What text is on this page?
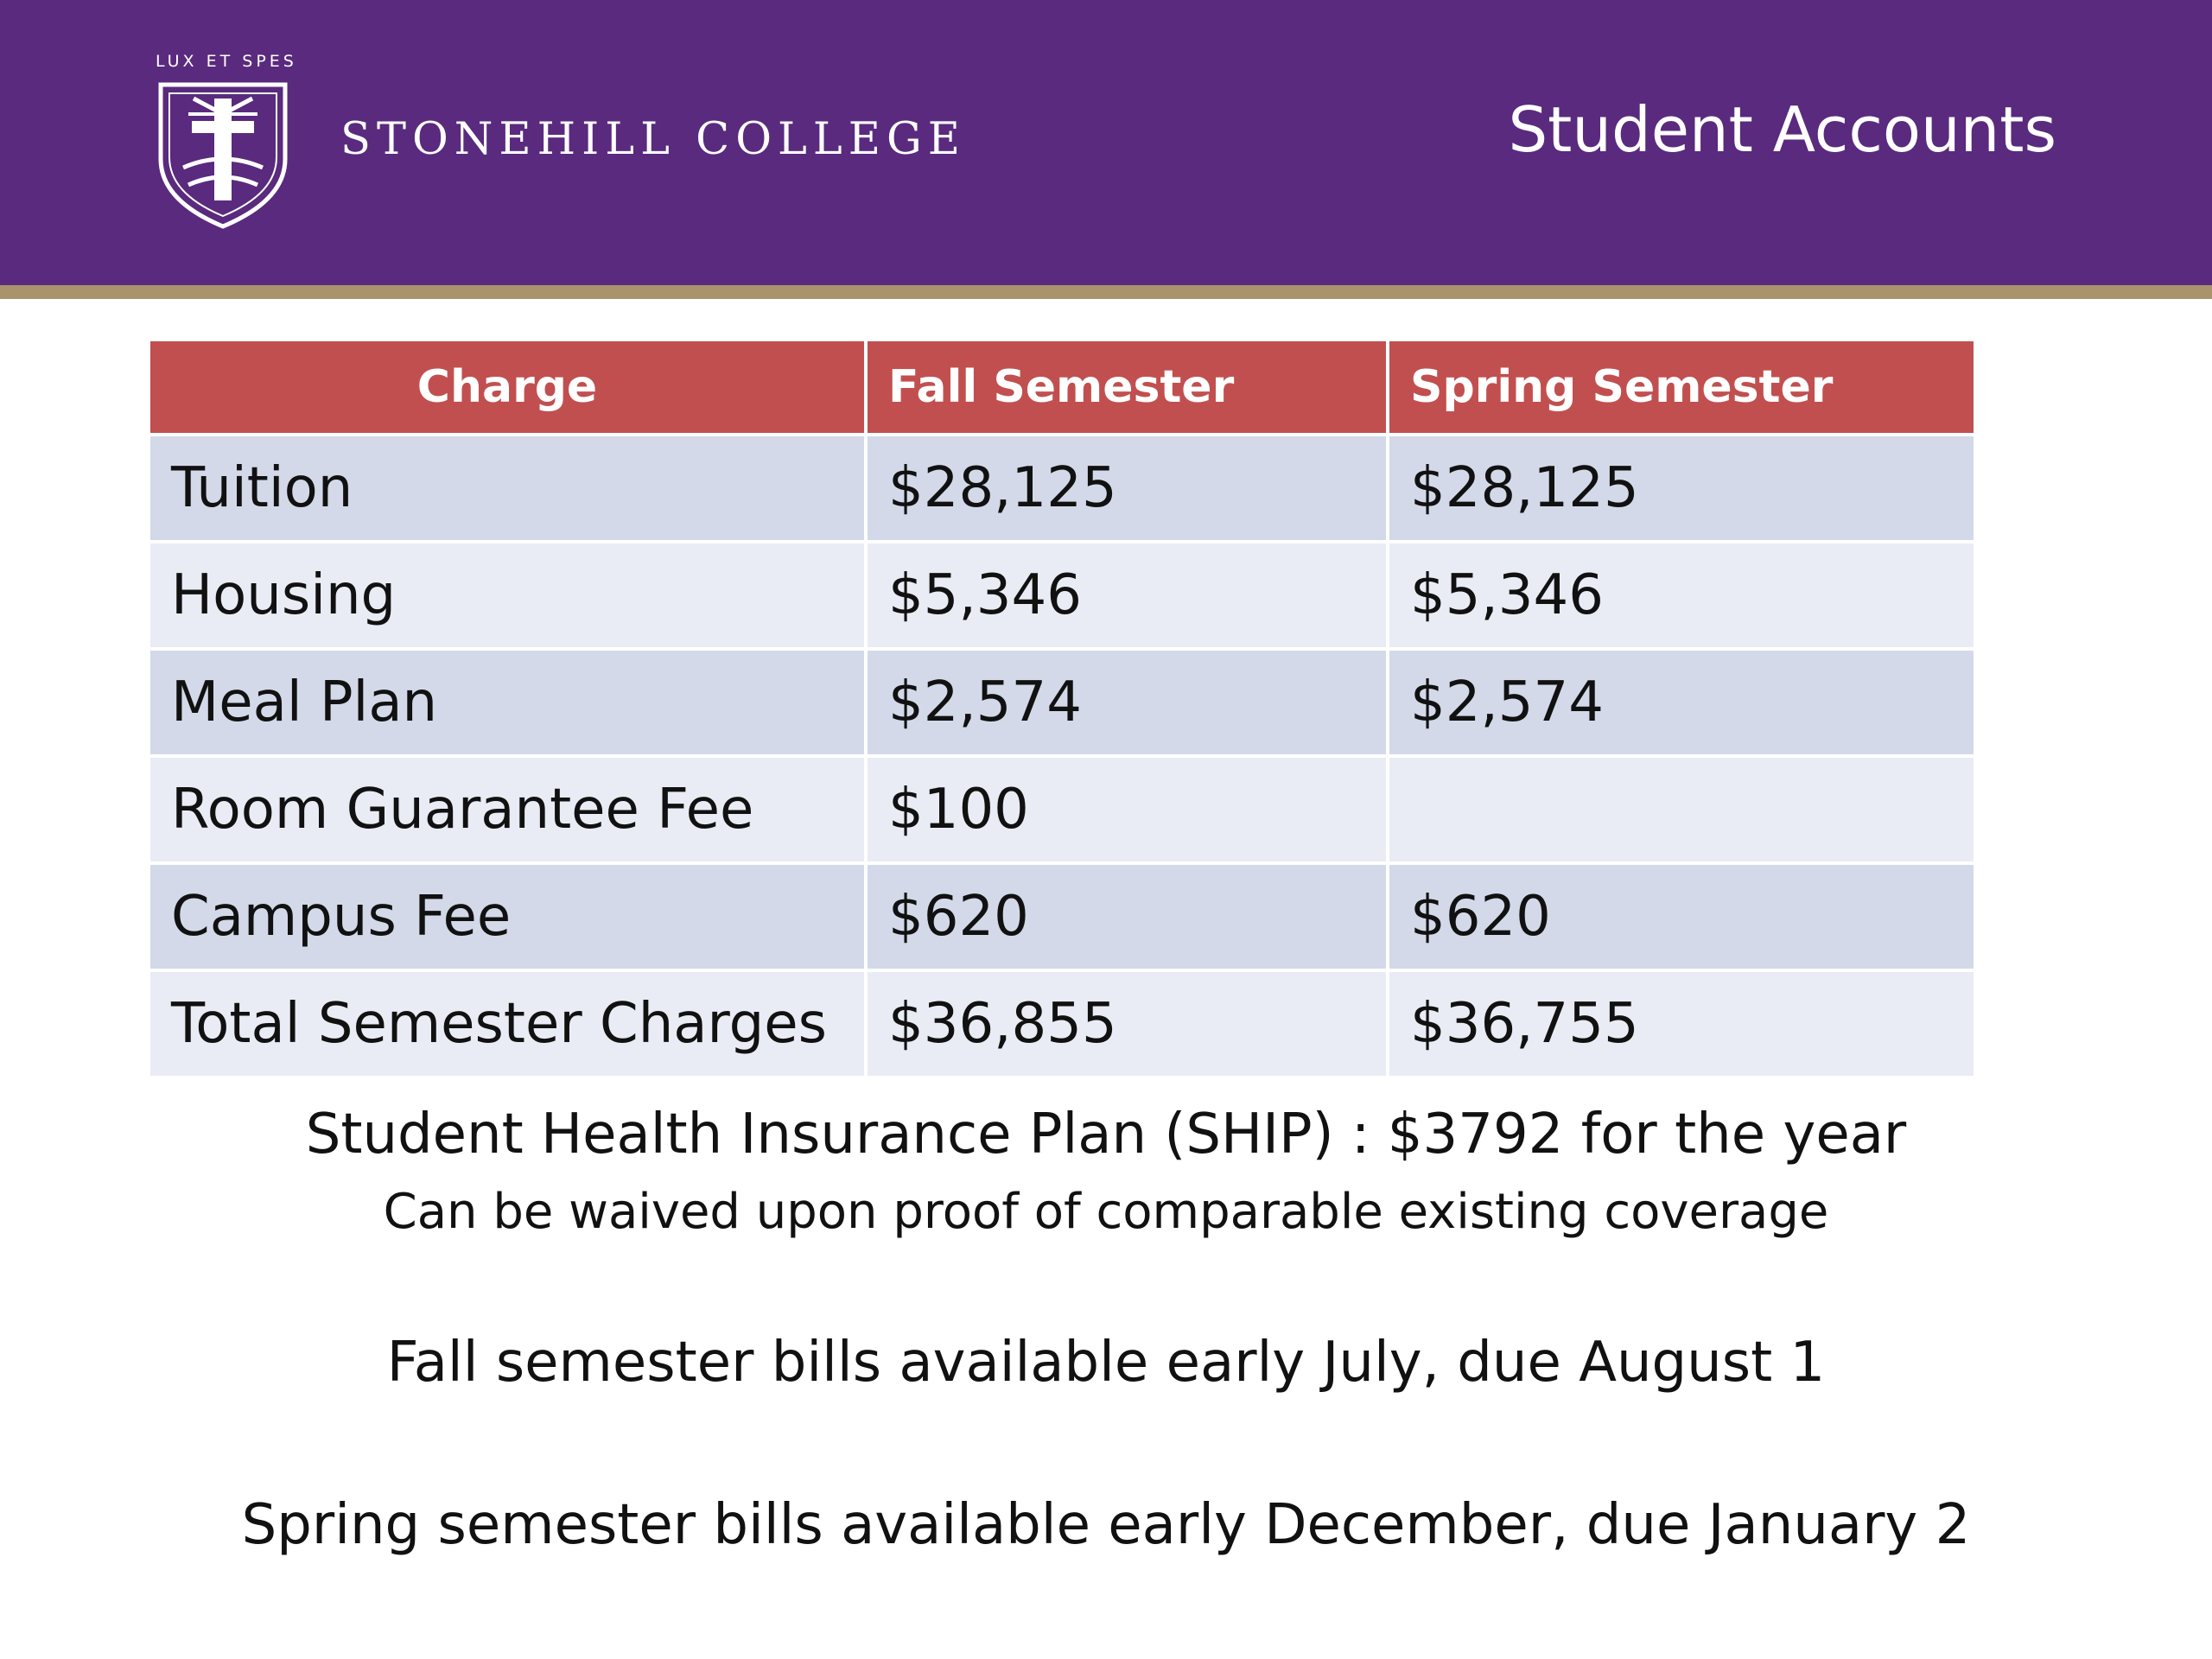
LUX ET SPES
STONEHILL COLLEGE	Student Accounts
Charge	Fall Semester	Spring Semester
Tuition	$28,125	$28,125
Housing	$5,346	$5,346
Meal Plan	$2,574	$2,574
Room Guarantee Fee	$100	
Campus Fee	$620	$620
Total Semester Charges	$36,855	$36,755
Student Health Insurance Plan (SHIP) : $3792 for the year
Can be waived upon proof of comparable existing coverage
Fall semester bills available early July, due August 1
Spring semester bills available early December, due January 2
